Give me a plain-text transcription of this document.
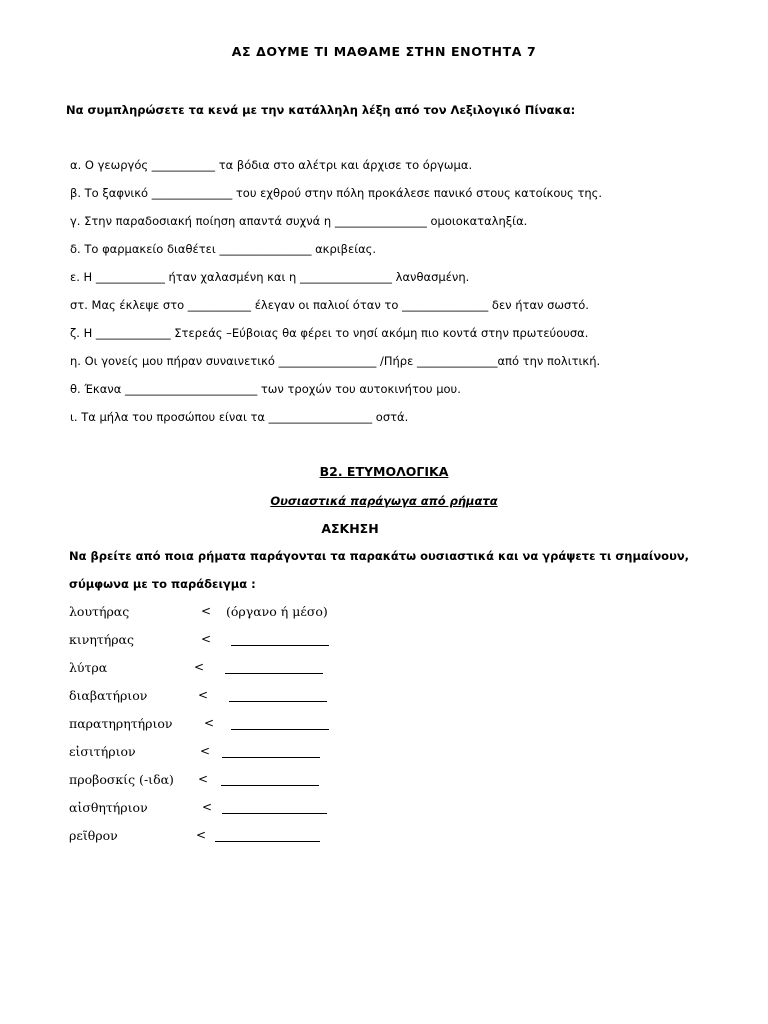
ΑΣ ΔΟΥΜΕ ΤΙ ΜΑΘΑΜΕ ΣΤΗΝ ΕΝΟΤΗΤΑ 7
Να συμπληρώσετε τα κενά με την κατάλληλη λέξη από τον Λεξιλογικό Πίνακα:
α. Ο γεωργός ___________ τα βόδια στο αλέτρι και άρχισε το όργωμα.
β. Το ξαφνικό ______________ του εχθρού στην πόλη προκάλεσε πανικό στους κατοίκους της.
γ. Στην παραδοσιακή ποίηση απαντά συχνά η ________________ ομοιοκαταληξία.
δ. Το φαρμακείο διαθέτει ________________ ακριβείας.
ε. Η ____________ ήταν χαλασμένη και η ________________ λανθασμένη.
στ. Μας έκλεψε στο ___________ έλεγαν οι παλιοί όταν το _______________ δεν ήταν σωστό.
ζ. Η _____________ Στερεάς –Εύβοιας θα φέρει το νησί ακόμη πιο κοντά στην πρωτεύουσα.
η. Οι γονείς μου πήραν συναινετικό _________________ /Πήρε ______________από την πολιτική.
θ. Έκανα _______________________ των τροχών του αυτοκινήτου μου.
ι. Τα μήλα του προσώπου είναι τα __________________ οστά.
Β2. ΕΤΥΜΟΛΟΓΙΚΑ
Ουσιαστικά παράγωγα από ρήματα
ΑΣΚΗΣΗ
Να βρείτε από ποια ρήματα παράγονται τα παρακάτω ουσιαστικά και να γράψετε τι σημαίνουν,
σύμφωνα με το παράδειγμα :
λουτήρας	< (όργανο ή μέσο)
κινητήρας	<
λύτρα	<
διαβατήριον	<
παρατηρητήριον	<
εἰσιτήριον	<
προβοσκίς (-ιδα) <
αἰσθητήριον	<
ρεῖθρον	<
